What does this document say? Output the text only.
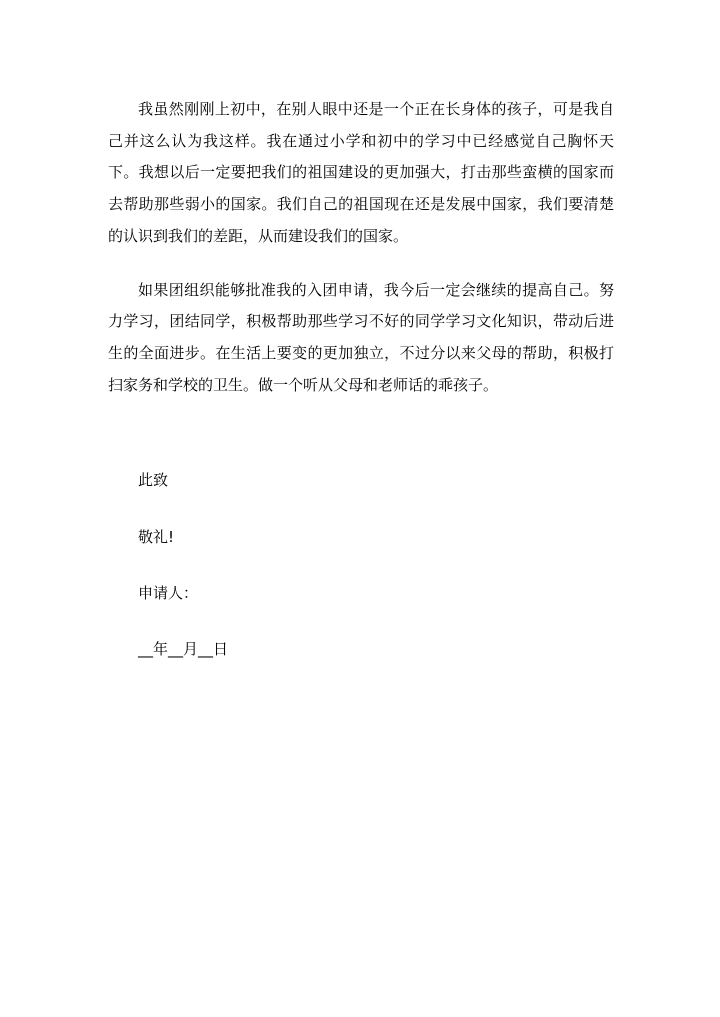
我虽然刚刚上初中，在别人眼中还是一个正在长身体的孩子，可是我自己并这么认为我这样。我在通过小学和初中的学习中已经感觉自己胸怀天下。我想以后一定要把我们的祖国建设的更加强大，打击那些蛮横的国家而去帮助那些弱小的国家。我们自己的祖国现在还是发展中国家，我们要清楚的认识到我们的差距，从而建设我们的国家。

如果团组织能够批准我的入团申请，我今后一定会继续的提高自己。努力学习，团结同学，积极帮助那些学习不好的同学学习文化知识，带动后进生的全面进步。在生活上要变的更加独立，不过分以来父母的帮助，积极打扫家务和学校的卫生。做一个听从父母和老师话的乖孩子。

此致
敬礼!
申请人：
__年__月__日
